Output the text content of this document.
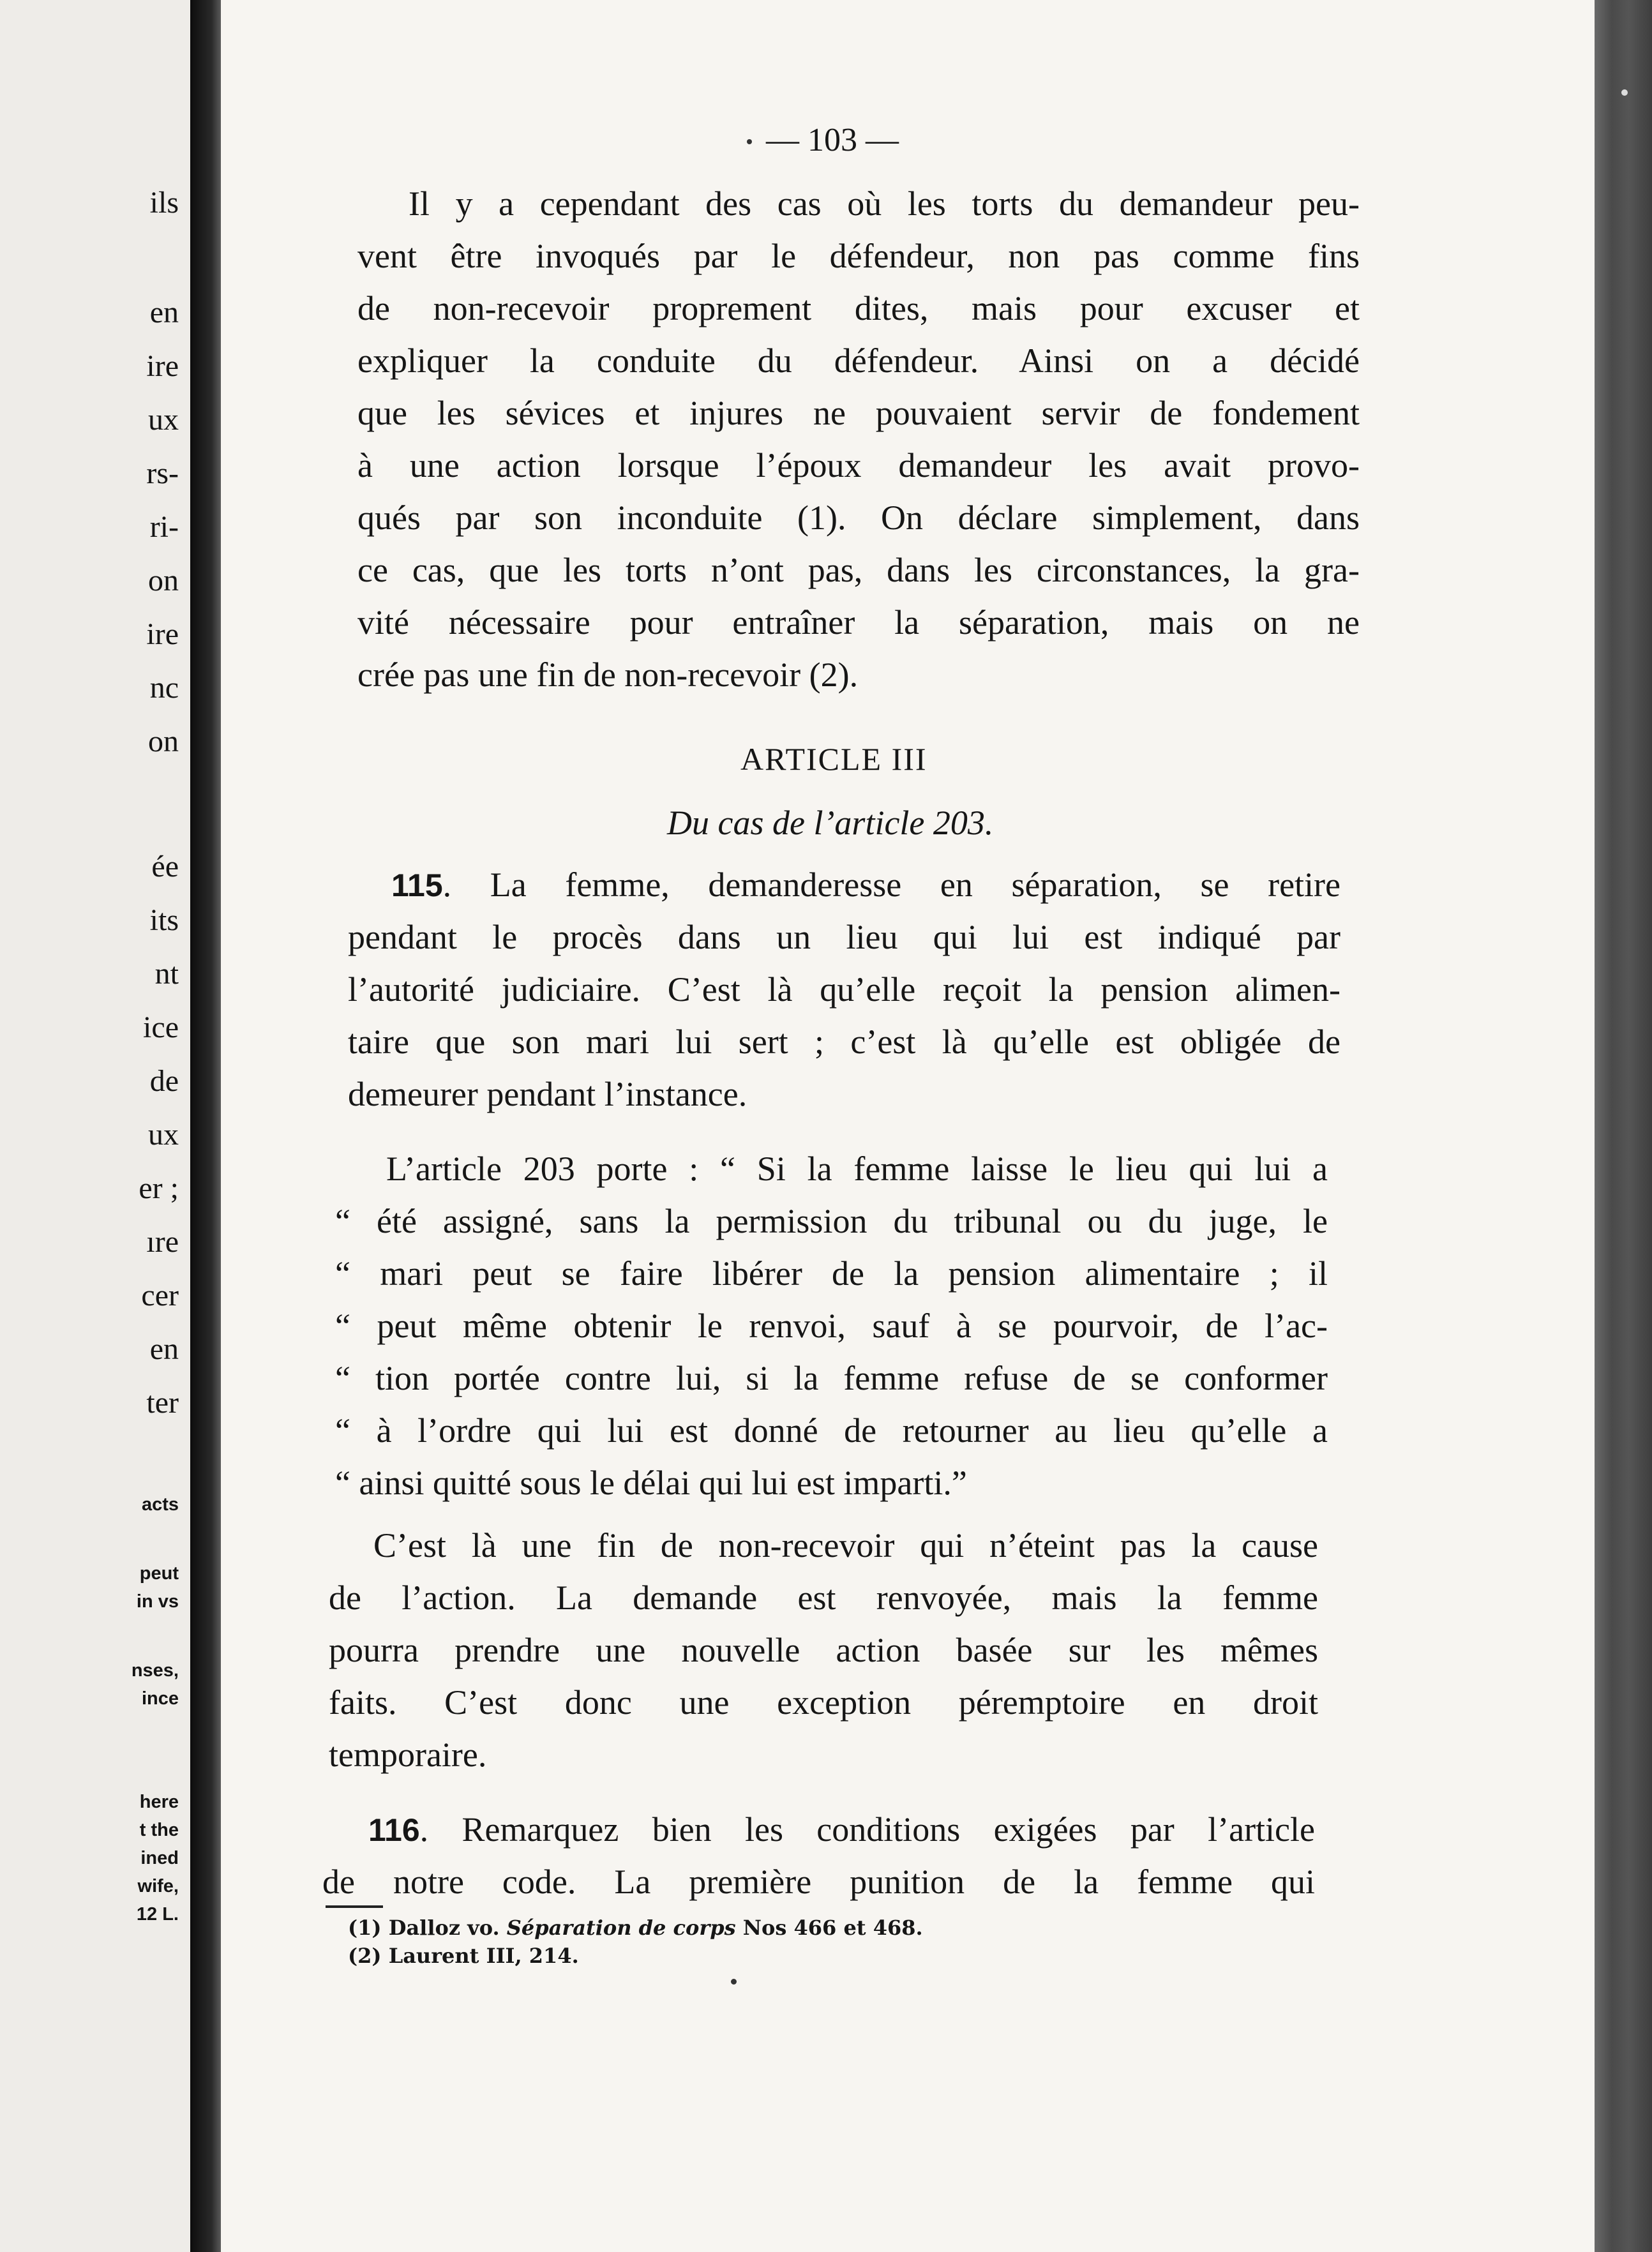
ils

en

ire

ux

rs-

ri-

on

ire

nc

on

ée

its

nt

ice

de

ux

er ;

ıre

cer

en

ter

acts

peut

in vs

nses,

ince

here

t the

ined

wife,

12 L.

— 103 —
Il y a cependant des cas où les torts du demandeur peu-
vent être invoqués par le défendeur, non pas comme fins
de non-recevoir proprement dites, mais pour excuser et
expliquer la conduite du défendeur. Ainsi on a décidé
que les sévices et injures ne pouvaient servir de fondement
à une action lorsque l’époux demandeur les avait provo-
qués par son inconduite (1). On déclare simplement, dans
ce cas, que les torts n’ont pas, dans les circonstances, la gra-
vité nécessaire pour entraîner la séparation, mais on ne
crée pas une fin de non-recevoir (2).
ARTICLE III
Du cas de l’article 203.
115. La femme, demanderesse en séparation, se retire
pendant le procès dans un lieu qui lui est indiqué par
l’autorité judiciaire. C’est là qu’elle reçoit la pension alimen-
taire que son mari lui sert ; c’est là qu’elle est obligée de
demeurer pendant l’instance.
L’article 203 porte : “ Si la femme laisse le lieu qui lui a
“ été assigné, sans la permission du tribunal ou du juge, le
“ mari peut se faire libérer de la pension alimentaire ; il
“ peut même obtenir le renvoi, sauf à se pourvoir, de l’ac-
“ tion portée contre lui, si la femme refuse de se conformer
“ à l’ordre qui lui est donné de retourner au lieu qu’elle a
“ ainsi quitté sous le délai qui lui est imparti.”
C’est là une fin de non-recevoir qui n’éteint pas la cause
de l’action. La demande est renvoyée, mais la femme
pourra prendre une nouvelle action basée sur les mêmes
faits. C’est donc une exception péremptoire en droit
temporaire.
116. Remarquez bien les conditions exigées par l’article
de notre code. La première punition de la femme qui
(1) Dalloz vo. Séparation de corps Nos 466 et 468.
(2) Laurent III, 214.
